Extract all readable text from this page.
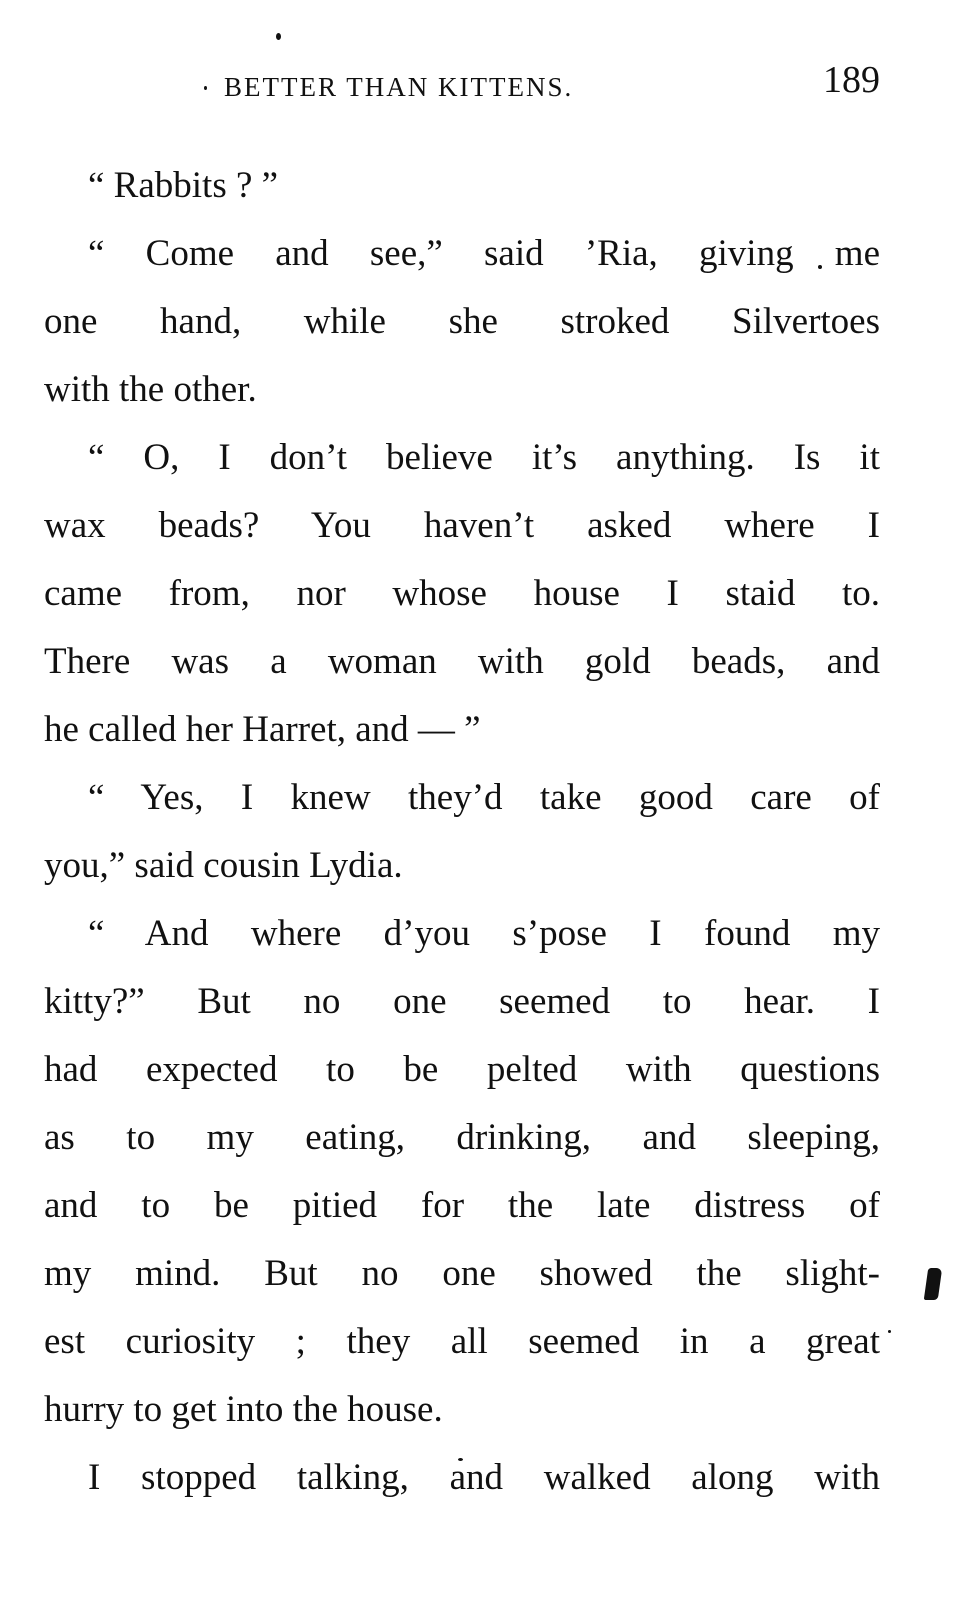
BETTER THAN KITTENS.	189
“ Rabbits ? ”
“ Come and see,” said ’Ria, giving me
one hand, while she stroked Silvertoes
with the other.
“ O, I don’t believe it’s anything. Is it
wax beads? You haven’t asked where I
came from, nor whose house I staid to.
There was a woman with gold beads, and
he called her Harret, and — ”
“ Yes, I knew they’d take good care of
you,” said cousin Lydia.
“ And where d’you s’pose I found my
kitty?” But no one seemed to hear. I
had expected to be pelted with questions
as to my eating, drinking, and sleeping,
and to be pitied for the late distress of
my mind. But no one showed the slight-
est curiosity ; they all seemed in a great
hurry to get into the house.
I stopped talking, and walked along with
